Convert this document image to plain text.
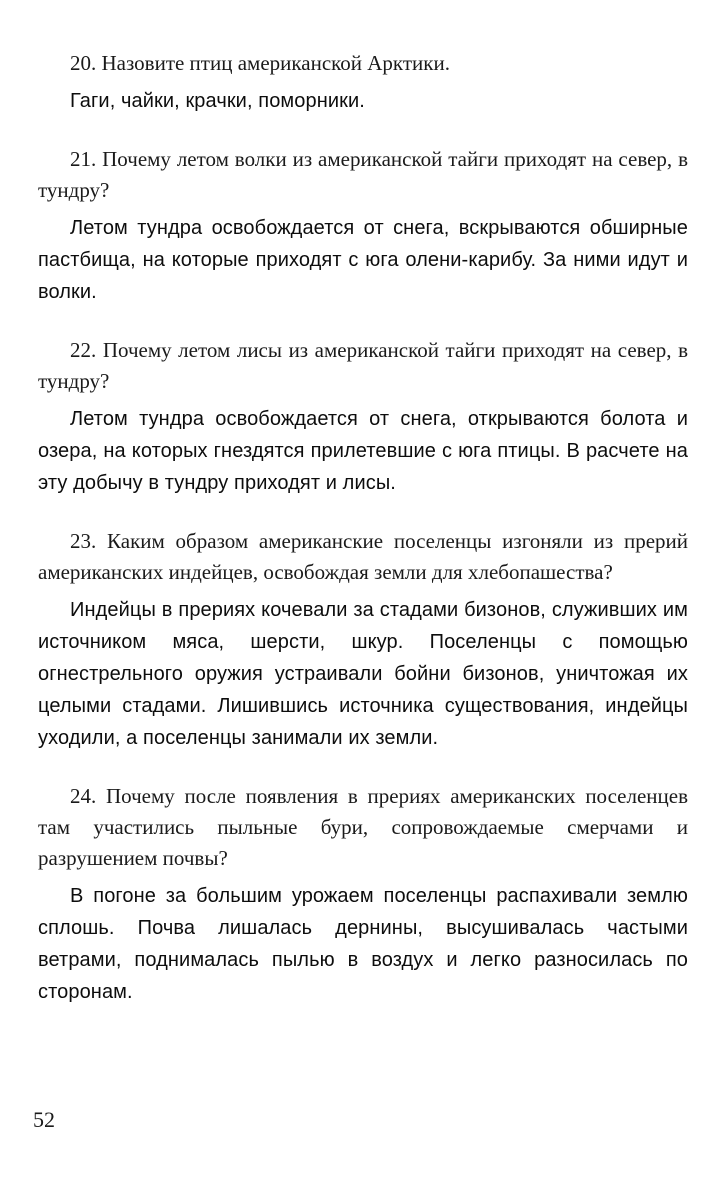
20. Назовите птиц американской Арктики.

Гаги, чайки, крачки, поморники.

21. Почему летом волки из американской тайги приходят на север, в тундру?

Летом тундра освобождается от снега, вскрываются обширные пастбища, на которые приходят с юга олени-карибу. За ними идут и волки.

22. Почему летом лисы из американской тайги приходят на север, в тундру?

Летом тундра освобождается от снега, открываются болота и озера, на которых гнездятся прилетевшие с юга птицы. В расчете на эту добычу в тундру приходят и лисы.

23. Каким образом американские поселенцы изгоняли из прерий американских индейцев, освобождая земли для хлебопашества?

Индейцы в прериях кочевали за стадами бизонов, служивших им источником мяса, шерсти, шкур. Поселенцы с помощью огнестрельного оружия устраивали бойни бизонов, уничтожая их целыми стадами. Лишившись источника существования, индейцы уходили, а поселенцы занимали их земли.

24. Почему после появления в прериях американских поселенцев там участились пыльные бури, сопровождаемые смерчами и разрушением почвы?

В погоне за большим урожаем поселенцы распахивали землю сплошь. Почва лишалась дернины, высушивалась частыми ветрами, поднималась пылью в воздух и легко разносилась по сторонам.

52
